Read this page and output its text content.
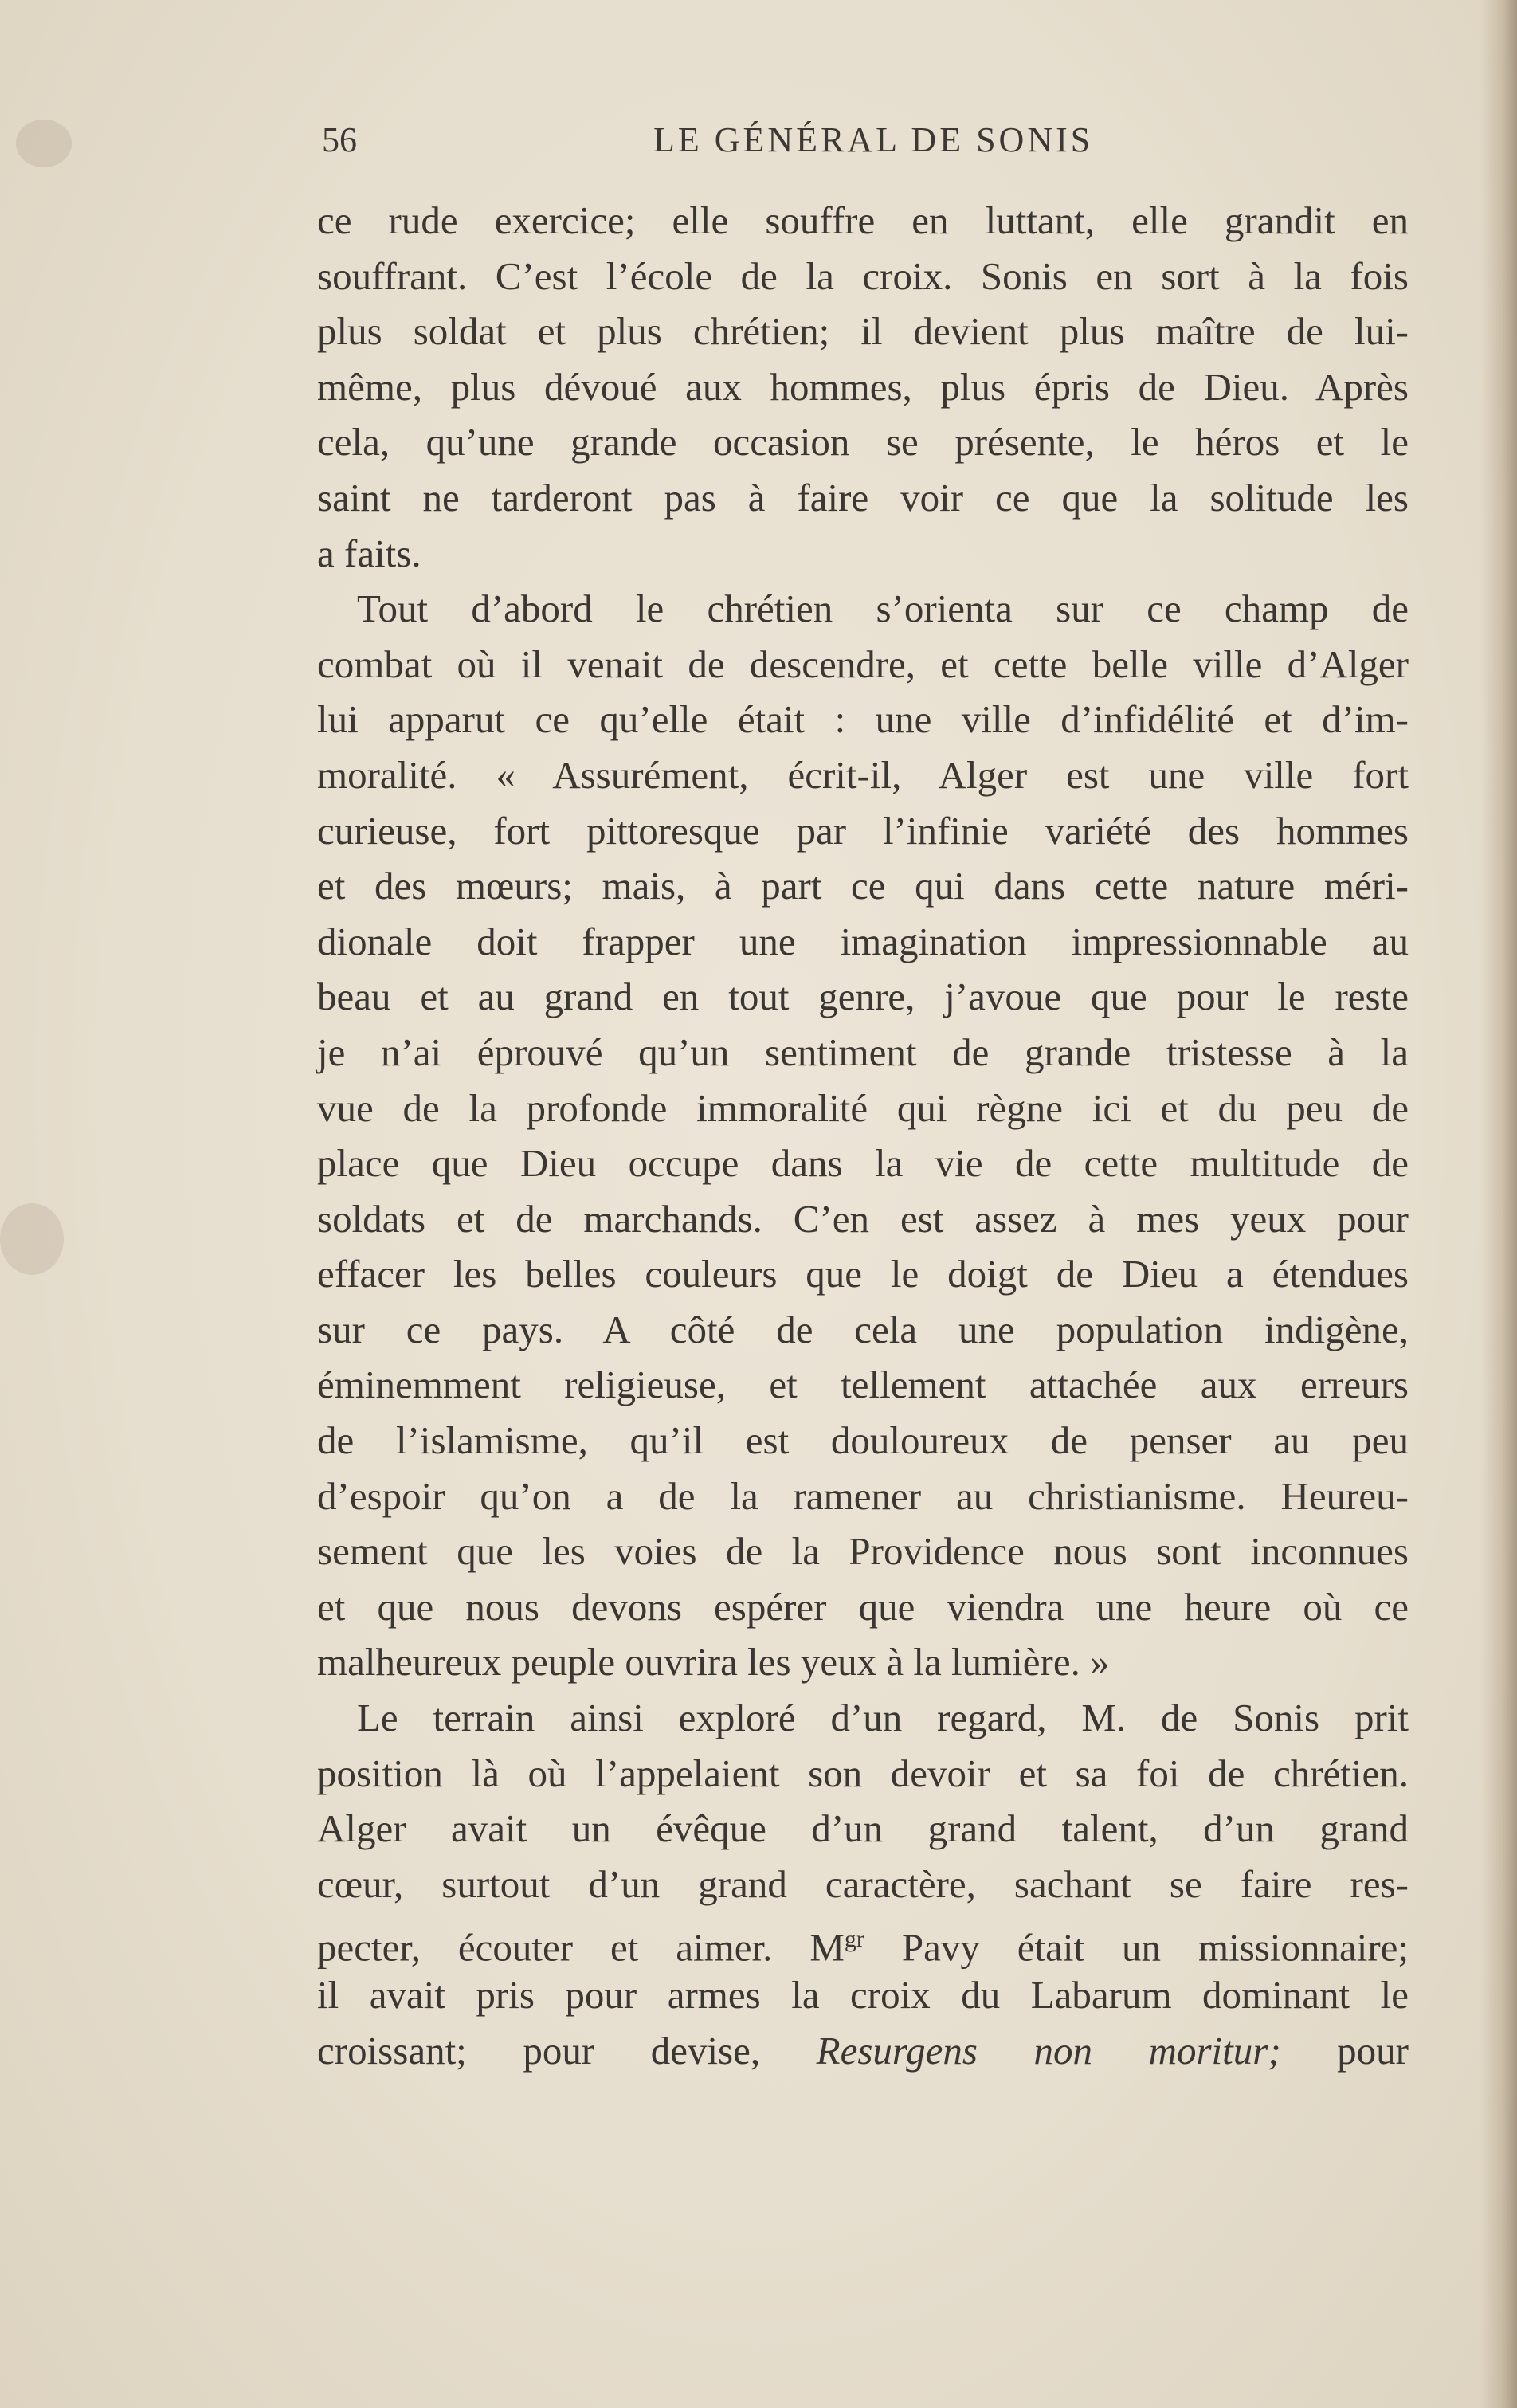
56	LE GÉNÉRAL DE SONIS
ce rude exercice; elle souffre en luttant, elle grandit en
souffrant. C’est l’école de la croix. Sonis en sort à la fois
plus soldat et plus chrétien; il devient plus maître de lui-
même, plus dévoué aux hommes, plus épris de Dieu. Après
cela, qu’une grande occasion se présente, le héros et le
saint ne tarderont pas à faire voir ce que la solitude les
a faits.
Tout d’abord le chrétien s’orienta sur ce champ de
combat où il venait de descendre, et cette belle ville d’Alger
lui apparut ce qu’elle était : une ville d’infidélité et d’im-
moralité. « Assurément, écrit-il, Alger est une ville fort
curieuse, fort pittoresque par l’infinie variété des hommes
et des mœurs; mais, à part ce qui dans cette nature méri-
dionale doit frapper une imagination impressionnable au
beau et au grand en tout genre, j’avoue que pour le reste
je n’ai éprouvé qu’un sentiment de grande tristesse à la
vue de la profonde immoralité qui règne ici et du peu de
place que Dieu occupe dans la vie de cette multitude de
soldats et de marchands. C’en est assez à mes yeux pour
effacer les belles couleurs que le doigt de Dieu a étendues
sur ce pays. A côté de cela une population indigène,
éminemment religieuse, et tellement attachée aux erreurs
de l’islamisme, qu’il est douloureux de penser au peu
d’espoir qu’on a de la ramener au christianisme. Heureu-
sement que les voies de la Providence nous sont inconnues
et que nous devons espérer que viendra une heure où ce
malheureux peuple ouvrira les yeux à la lumière. »
Le terrain ainsi exploré d’un regard, M. de Sonis prit
position là où l’appelaient son devoir et sa foi de chrétien.
Alger avait un évêque d’un grand talent, d’un grand
cœur, surtout d’un grand caractère, sachant se faire res-
pecter, écouter et aimer. $M^{gr}$ Pavy était un missionnaire;
il avait pris pour armes la croix du Labarum dominant le
croissant; pour devise, Resurgens non moritur; pour
